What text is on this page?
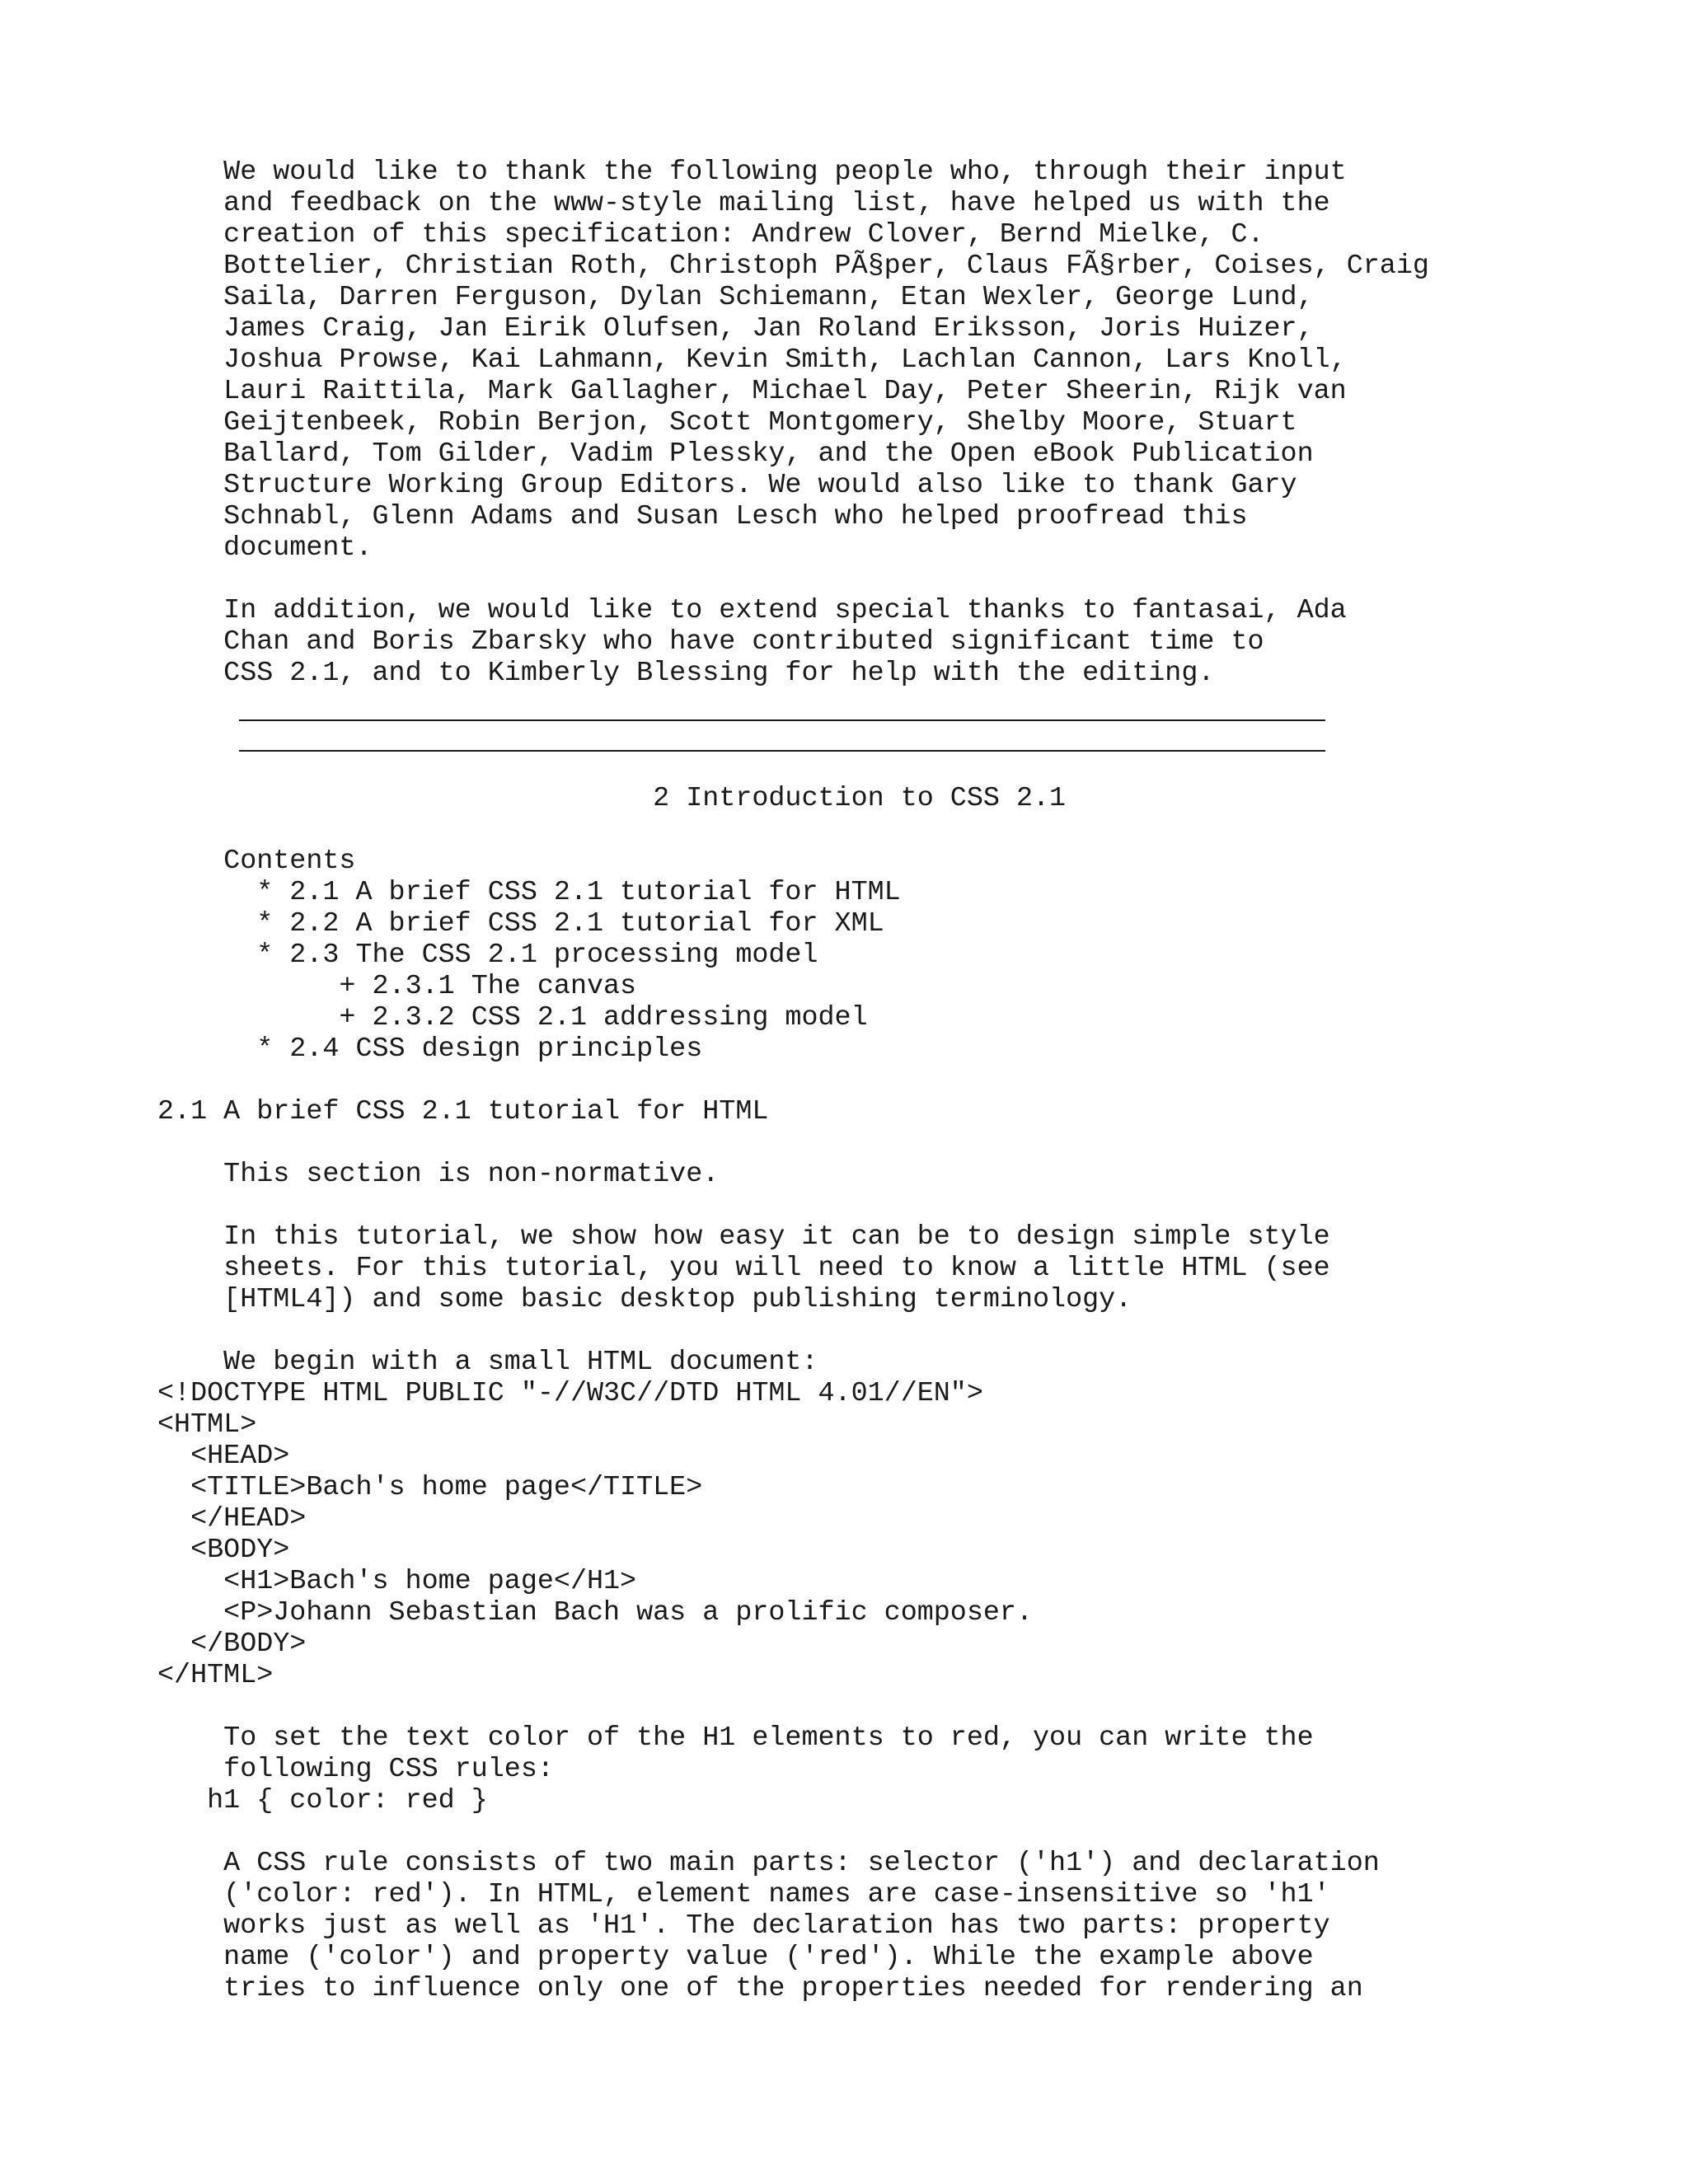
We would like to thank the following people who, through their input
and feedback on the www-style mailing list, have helped us with the
creation of this specification: Andrew Clover, Bernd Mielke, C.
Bottelier, Christian Roth, Christoph PÃ§per, Claus FÃ§rber, Coises, Craig
Saila, Darren Ferguson, Dylan Schiemann, Etan Wexler, George Lund,
James Craig, Jan Eirik Olufsen, Jan Roland Eriksson, Joris Huizer,
Joshua Prowse, Kai Lahmann, Kevin Smith, Lachlan Cannon, Lars Knoll,
Lauri Raittila, Mark Gallagher, Michael Day, Peter Sheerin, Rijk van
Geijtenbeek, Robin Berjon, Scott Montgomery, Shelby Moore, Stuart
Ballard, Tom Gilder, Vadim Plessky, and the Open eBook Publication
Structure Working Group Editors. We would also like to thank Gary
Schnabl, Glenn Adams and Susan Lesch who helped proofread this
document.
In addition, we would like to extend special thanks to fantasai, Ada
Chan and Boris Zbarsky who have contributed significant time to
CSS 2.1, and to Kimberly Blessing for help with the editing.
2 Introduction to CSS 2.1
Contents
* 2.1 A brief CSS 2.1 tutorial for HTML
* 2.2 A brief CSS 2.1 tutorial for XML
* 2.3 The CSS 2.1 processing model
+ 2.3.1 The canvas
+ 2.3.2 CSS 2.1 addressing model
* 2.4 CSS design principles
2.1 A brief CSS 2.1 tutorial for HTML
This section is non-normative.
In this tutorial, we show how easy it can be to design simple style
sheets. For this tutorial, you will need to know a little HTML (see
[HTML4]) and some basic desktop publishing terminology.
We begin with a small HTML document:
<!DOCTYPE HTML PUBLIC "-//W3C//DTD HTML 4.01//EN">
<HTML>
<HEAD>
<TITLE>Bach's home page</TITLE>
</HEAD>
<BODY>
<H1>Bach's home page</H1>
<P>Johann Sebastian Bach was a prolific composer.
</BODY>
</HTML>
To set the text color of the H1 elements to red, you can write the
following CSS rules:
h1 { color: red }
A CSS rule consists of two main parts: selector ('h1') and declaration
('color: red'). In HTML, element names are case-insensitive so 'h1'
works just as well as 'H1'. The declaration has two parts: property
name ('color') and property value ('red'). While the example above
tries to influence only one of the properties needed for rendering an
